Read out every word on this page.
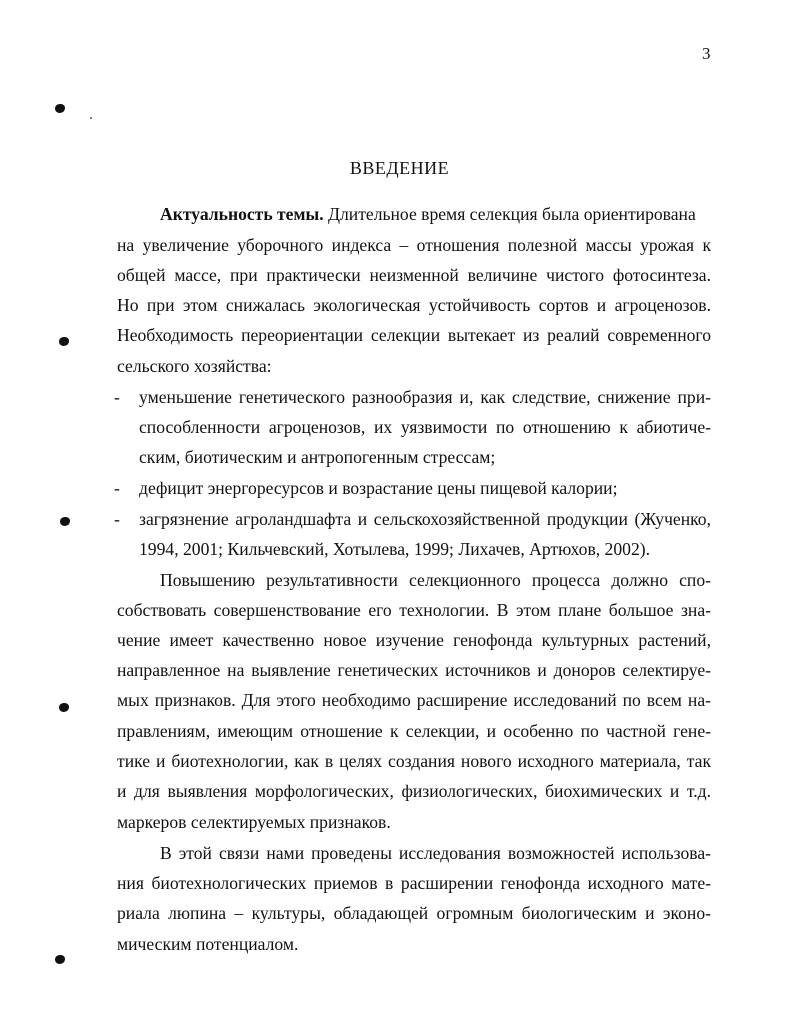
3
ВВЕДЕНИЕ
Актуальность темы. Длительное время селекция была ориентирована
на увеличение уборочного индекса – отношения полезной массы урожая к
общей массе, при практически неизменной величине чистого фотосинтеза.
Но при этом снижалась экологическая устойчивость сортов и агроценозов.
Необходимость переориентации селекции вытекает из реалий современного
сельского хозяйства:
- уменьшение генетического разнообразия и, как следствие, снижение при-
способленности агроценозов, их уязвимости по отношению к абиотиче-
ским, биотическим и антропогенным стрессам;
- дефицит энергоресурсов и возрастание цены пищевой калории;
- загрязнение агроландшафта и сельскохозяйственной продукции (Жученко,
1994, 2001; Кильчевский, Хотылева, 1999; Лихачев, Артюхов, 2002).
Повышению результативности селекционного процесса должно спо-
собствовать совершенствование его технологии. В этом плане большое зна-
чение имеет качественно новое изучение генофонда культурных растений,
направленное на выявление генетических источников и доноров селектируе-
мых признаков. Для этого необходимо расширение исследований по всем на-
правлениям, имеющим отношение к селекции, и особенно по частной гене-
тике и биотехнологии, как в целях создания нового исходного материала, так
и для выявления морфологических, физиологических, биохимических и т.д.
маркеров селектируемых признаков.
В этой связи нами проведены исследования возможностей использова-
ния биотехнологических приемов в расширении генофонда исходного мате-
риала люпина – культуры, обладающей огромным биологическим и эконо-
мическим потенциалом.
